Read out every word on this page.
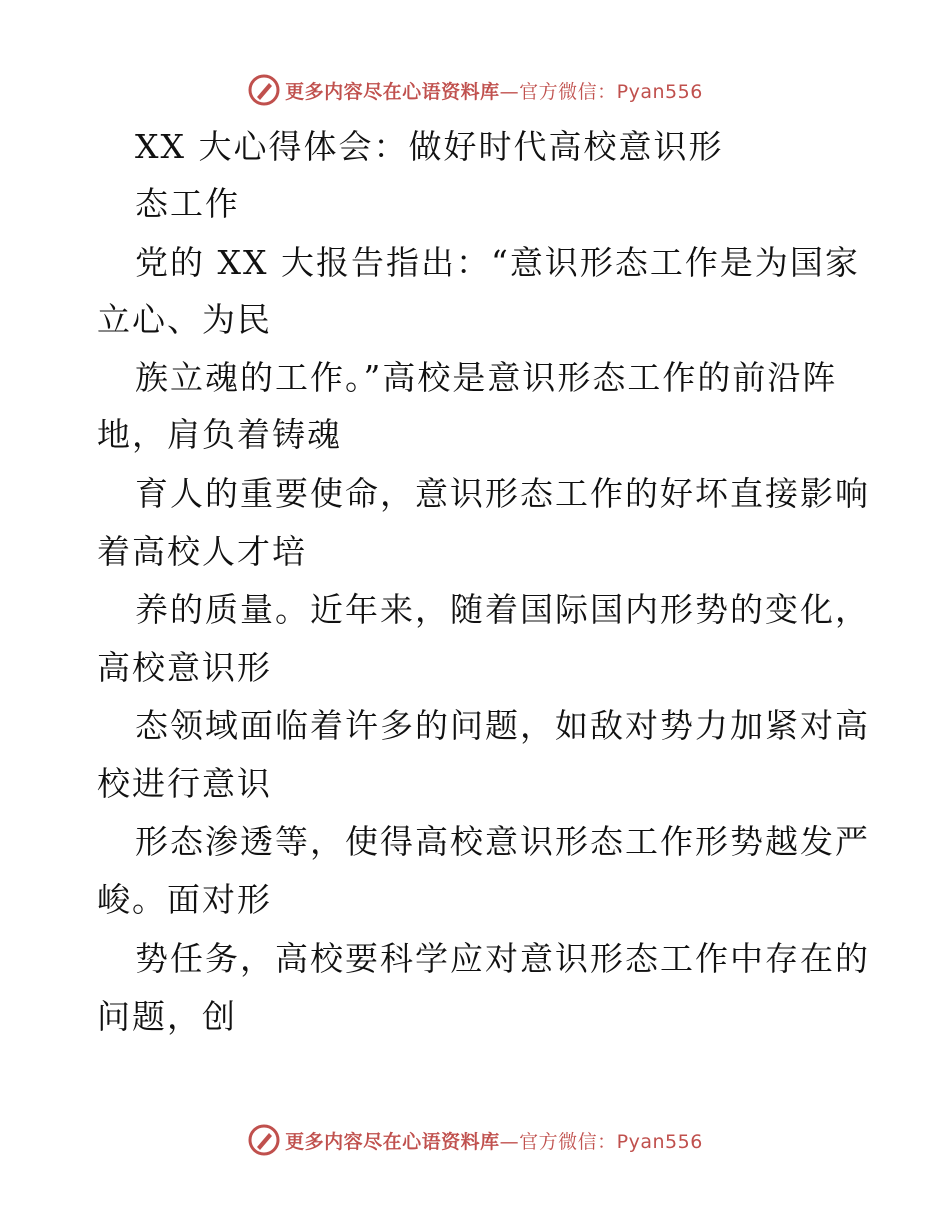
更多内容尽在心语资料库—官方微信：Pyan556
XX 大心得体会：做好时代高校意识形
态工作
党的 XX 大报告指出：“意识形态工作是为国家
立心、为民
族立魂的工作。”高校是意识形态工作的前沿阵
地，肩负着铸魂
育人的重要使命，意识形态工作的好坏直接影响
着高校人才培
养的质量。近年来，随着国际国内形势的变化，
高校意识形
态领域面临着许多的问题，如敌对势力加紧对高
校进行意识
形态渗透等，使得高校意识形态工作形势越发严
峻。面对形
势任务，高校要科学应对意识形态工作中存在的
问题，创
更多内容尽在心语资料库—官方微信：Pyan556
